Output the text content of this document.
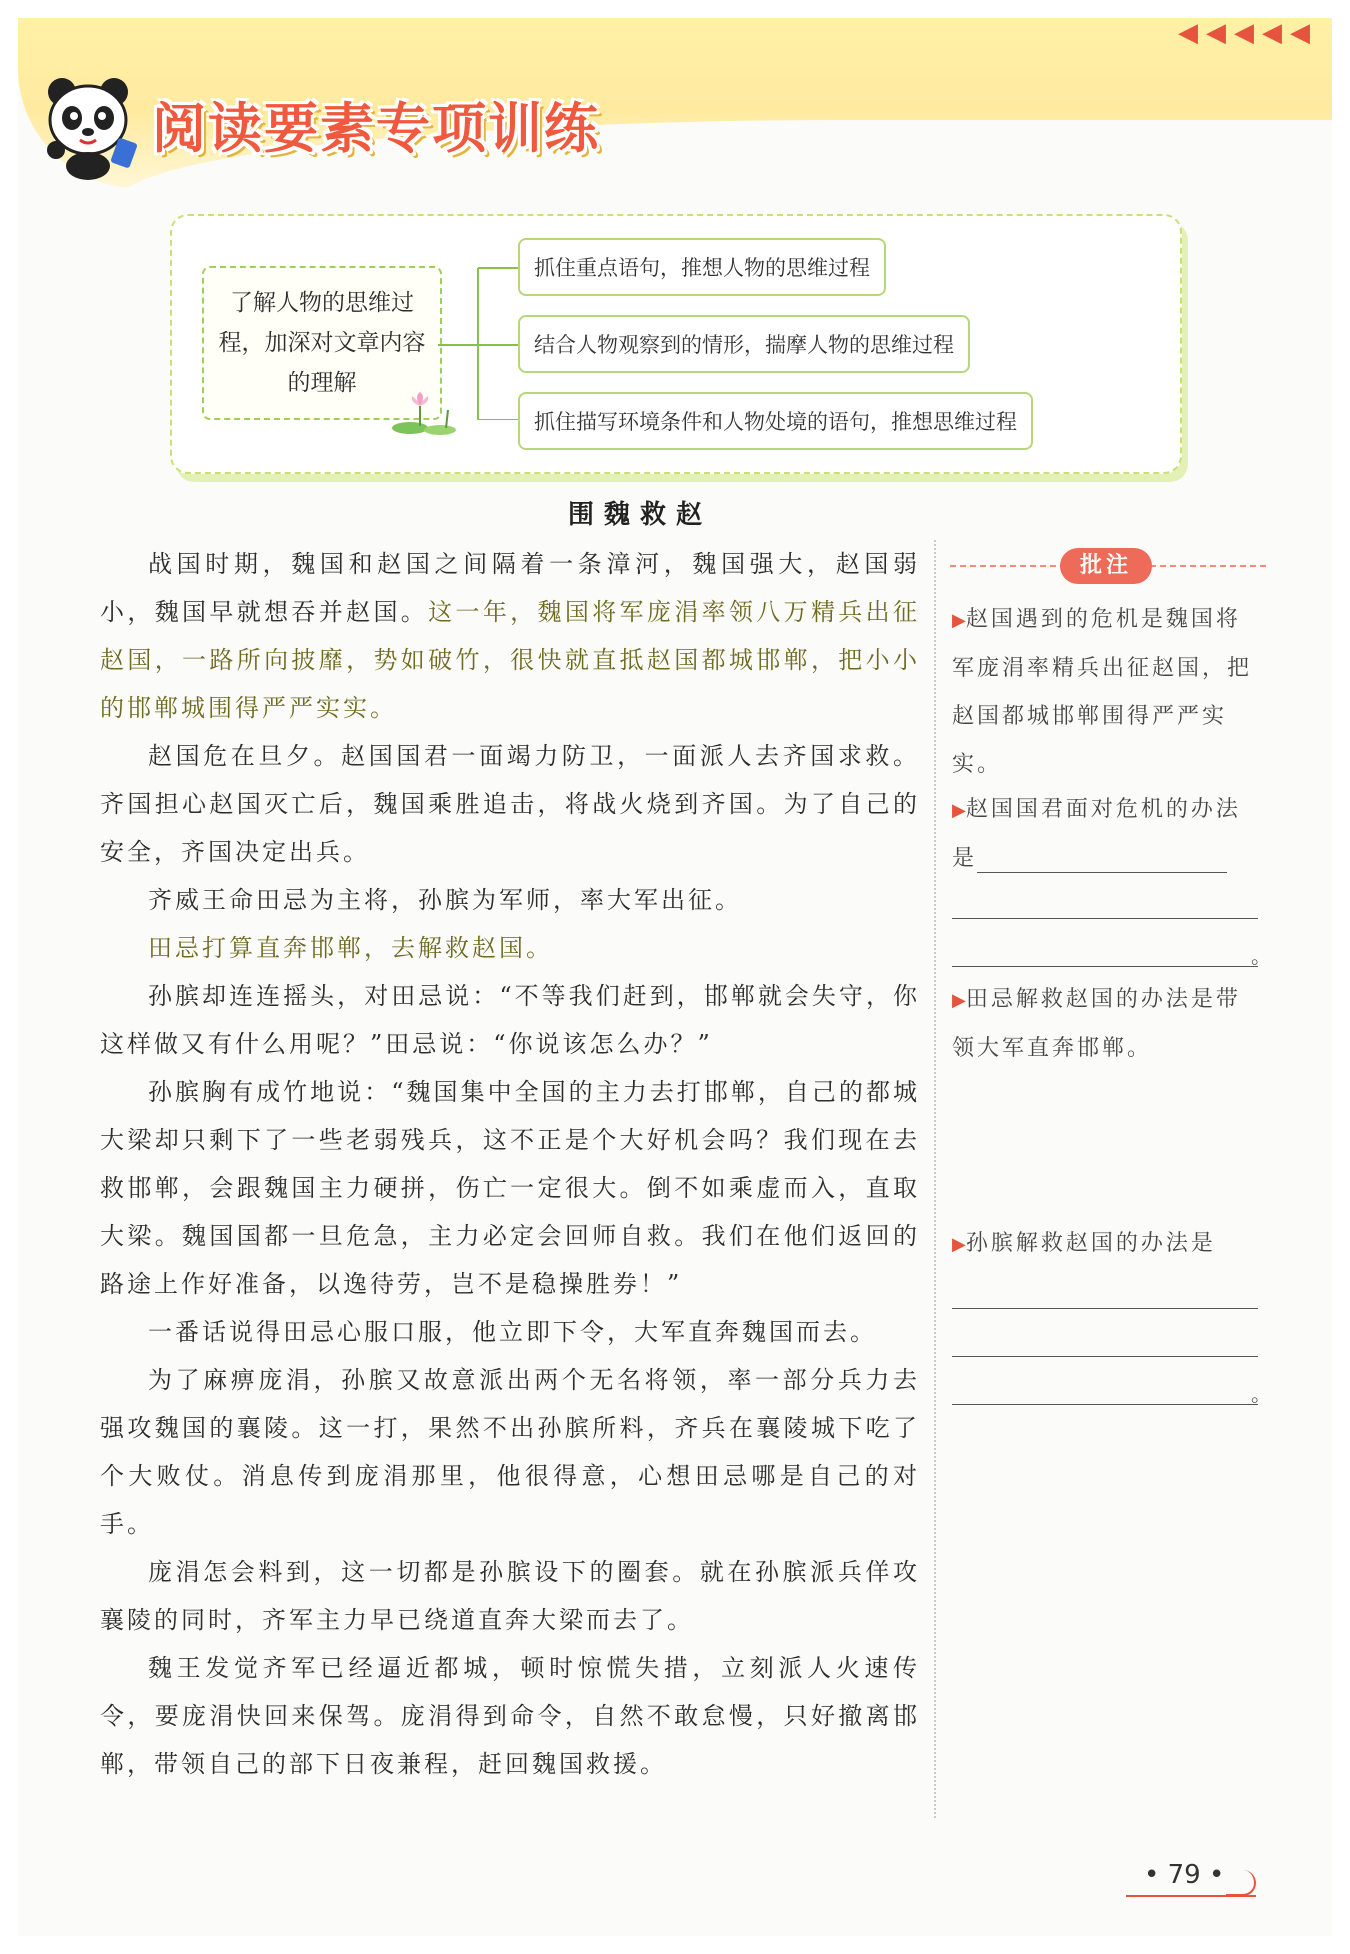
◀ ◀ ◀ ◀ ◀
阅读要素专项训练
了解人物的思维过程，加深对文章内容的理解
抓住重点语句，推想人物的思维过程
结合人物观察到的情形，揣摩人物的思维过程
抓住描写环境条件和人物处境的语句，推想思维过程
围魏救赵

战国时期，魏国和赵国之间隔着一条漳河，魏国强大，赵国弱小，魏国早就想吞并赵国。这一年，魏国将军庞涓率领八万精兵出征赵国，一路所向披靡，势如破竹，很快就直抵赵国都城邯郸，把小小的邯郸城围得严严实实。

赵国危在旦夕。赵国国君一面竭力防卫，一面派人去齐国求救。齐国担心赵国灭亡后，魏国乘胜追击，将战火烧到齐国。为了自己的安全，齐国决定出兵。

齐威王命田忌为主将，孙膑为军师，率大军出征。

田忌打算直奔邯郸，去解救赵国。

孙膑却连连摇头，对田忌说：“不等我们赶到，邯郸就会失守，你这样做又有什么用呢？”田忌说：“你说该怎么办？”

孙膑胸有成竹地说：“魏国集中全国的主力去打邯郸，自己的都城大梁却只剩下了一些老弱残兵，这不正是个大好机会吗？我们现在去救邯郸，会跟魏国主力硬拼，伤亡一定很大。倒不如乘虚而入，直取大梁。魏国国都一旦危急，主力必定会回师自救。我们在他们返回的路途上作好准备，以逸待劳，岂不是稳操胜券！”

一番话说得田忌心服口服，他立即下令，大军直奔魏国而去。

为了麻痹庞涓，孙膑又故意派出两个无名将领，率一部分兵力去强攻魏国的襄陵。这一打，果然不出孙膑所料，齐兵在襄陵城下吃了个大败仗。消息传到庞涓那里，他很得意，心想田忌哪是自己的对手。

庞涓怎会料到，这一切都是孙膑设下的圈套。就在孙膑派兵佯攻襄陵的同时，齐军主力早已绕道直奔大梁而去了。

魏王发觉齐军已经逼近都城，顿时惊慌失措，立刻派人火速传令，要庞涓快回来保驾。庞涓得到命令，自然不敢怠慢，只好撤离邯郸，带领自己的部下日夜兼程，赶回魏国救援。

批注
▶赵国遇到的危机是魏国将军庞涓率精兵出征赵国，把赵国都城邯郸围得严严实实。
▶赵国国君面对危机的办法是
。
▶田忌解救赵国的办法是带领大军直奔邯郸。
▶孙膑解救赵国的办法是
。
• 79 •
